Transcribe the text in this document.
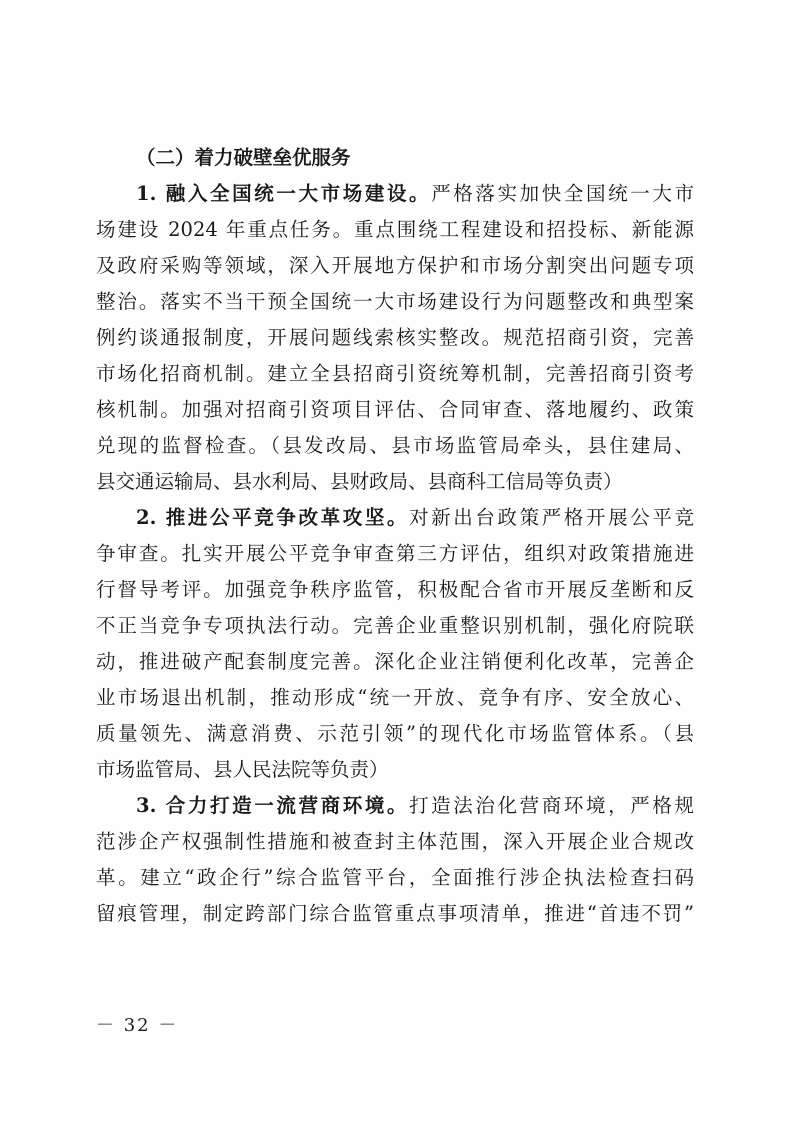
（二）着力破壁垒优服务
1. 融入全国统一大市场建设。严格落实加快全国统一大市
场建设 2024 年重点任务。重点围绕工程建设和招投标、新能源
及政府采购等领域，深入开展地方保护和市场分割突出问题专项
整治。落实不当干预全国统一大市场建设行为问题整改和典型案
例约谈通报制度，开展问题线索核实整改。规范招商引资，完善
市场化招商机制。建立全县招商引资统筹机制，完善招商引资考
核机制。加强对招商引资项目评估、合同审查、落地履约、政策
兑现的监督检查。（县发改局、县市场监管局牵头，县住建局、
县交通运输局、县水利局、县财政局、县商科工信局等负责）
2. 推进公平竞争改革攻坚。对新出台政策严格开展公平竞
争审查。扎实开展公平竞争审查第三方评估，组织对政策措施进
行督导考评。加强竞争秩序监管，积极配合省市开展反垄断和反
不正当竞争专项执法行动。完善企业重整识别机制，强化府院联
动，推进破产配套制度完善。深化企业注销便利化改革，完善企
业市场退出机制，推动形成“统一开放、竞争有序、安全放心、
质量领先、满意消费、示范引领”的现代化市场监管体系。（县
市场监管局、县人民法院等负责）
3. 合力打造一流营商环境。打造法治化营商环境，严格规
范涉企产权强制性措施和被查封主体范围，深入开展企业合规改
革。建立“政企行”综合监管平台，全面推行涉企执法检查扫码
留痕管理，制定跨部门综合监管重点事项清单，推进“首违不罚”
－ 32 －
